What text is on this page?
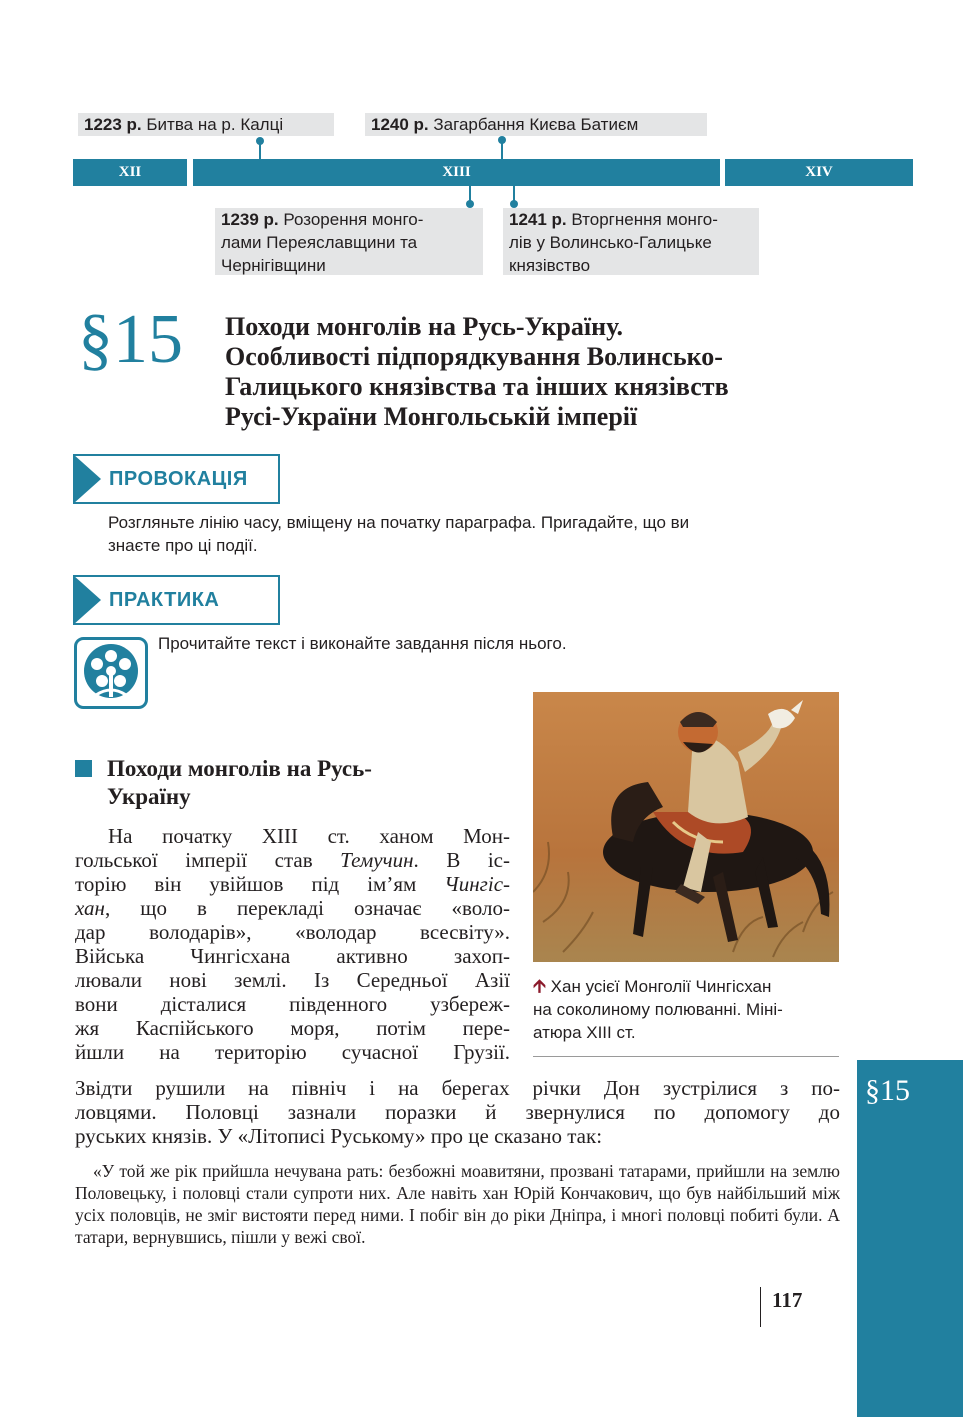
1223 р. Битва на р. Калці	1240 р. Загарбання Києва Батиєм
XII	XIII	XIV
1239 р. Розорення монго-
лами Переяславщини та
Чернігівщини
1241 р. Вторгнення монго-
лів у Волинсько-Галицьке
князівство
§15 Походи монголів на Русь-Україну.
Особливості підпорядкування Волинсько-
Галицького князівства та інших князівств
Русі-України Монгольській імперії
ПРОВОКАЦІЯ
Розгляньте лінію часу, вміщену на початку параграфа. Пригадайте, що ви
знаєте про ці події.
ПРАКТИКА
Прочитайте текст і виконайте завдання після нього.
🡩 Хан усієї Монголії Чингісхан
на соколиному полюванні. Міні-
атюра XIII ст.
Походи монголів на Русь-
Україну
На початку XIII ст. ханом Мон-
гольської імперії став Темучин. В іс-
торію він увійшов під ім’ям Чингіс-
хан, що в перекладі означає «воло-
дар володарів», «володар всесвіту».
Війська Чингісхана активно захоп-
лювали нові землі. Із Середньої Азії
вони дісталися південного узбереж-
жя Каспійського моря, потім пере-
йшли на територію сучасної Грузії.
Звідти рушили на північ і на берегах річки Дон зустрілися з по-
ловцями. Половці зазнали поразки й звернулися по допомогу до
руських князів. У «Літописі Руському» про це сказано так:
«У той же рік прийшла нечувана рать: безбожні моавитяни, прозвані татарами, прийшли на землю Половецьку, і половці стали супроти них. Але навіть хан Юрій Кончакович, що був найбільший між усіх половців, не зміг вистояти перед ними. І побіг він до ріки Дніпра, і многі половці побиті були. А татари, вернувшись, пішли у вежі свої.
117
§15
